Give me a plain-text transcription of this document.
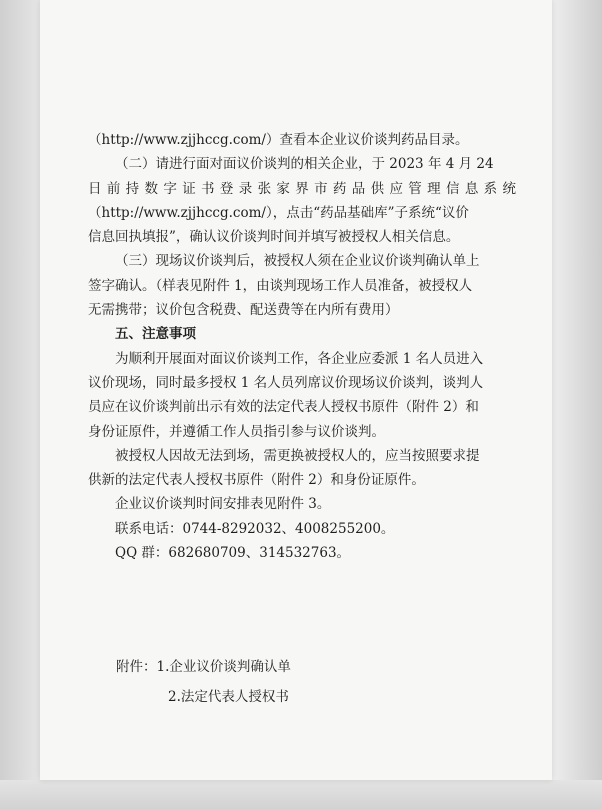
（http://www.zjjhccg.com/）查看本企业议价谈判药品目录。
（二）请进行面对面议价谈判的相关企业，于 2023 年 4 月 24
日前持数字证书登录张家界市药品供应管理信息系统
（http://www.zjjhccg.com/），点击“药品基础库”子系统“议价
信息回执填报”，确认议价谈判时间并填写被授权人相关信息。
（三）现场议价谈判后，被授权人须在企业议价谈判确认单上
签字确认。（样表见附件 1，由谈判现场工作人员准备，被授权人
无需携带；议价包含税费、配送费等在内所有费用）
五、注意事项
为顺利开展面对面议价谈判工作，各企业应委派 1 名人员进入
议价现场，同时最多授权 1 名人员列席议价现场议价谈判，谈判人
员应在议价谈判前出示有效的法定代表人授权书原件（附件 2）和
身份证原件，并遵循工作人员指引参与议价谈判。
被授权人因故无法到场，需更换被授权人的，应当按照要求提
供新的法定代表人授权书原件（附件 2）和身份证原件。
企业议价谈判时间安排表见附件 3。
联系电话：0744-8292032、4008255200。
QQ 群：682680709、314532763。
附件：1.企业议价谈判确认单
2.法定代表人授权书
